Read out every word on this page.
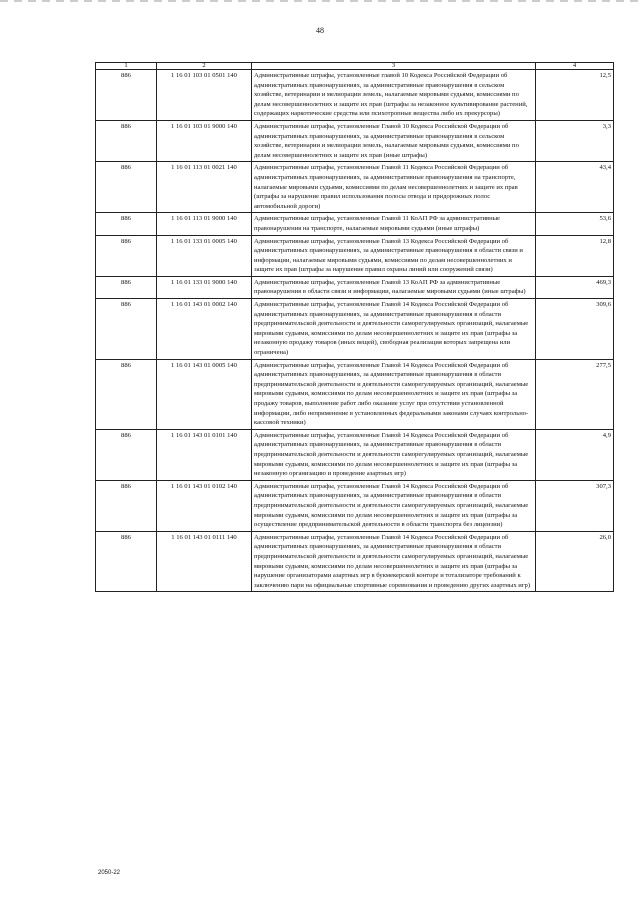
48
1	2	3	4
886	1 16 01 103 01 0501 140	Административные штрафы, установленные главой 10 Кодекса Российской Федерации об административных правонарушениях, за административные правонарушения в сельском хозяйстве, ветеринарии и мелиорации земель, налагаемые мировыми судьями, комиссиями по делам несовершеннолетних и защите их прав (штрафы за незаконное культивирование растений, содержащих наркотические средства или психотропные вещества либо их прекурсоры)	12,5
886	1 16 01 103 01 9000 140	Административные штрафы, установленные Главой 10 Кодекса Российской Федерации об административных правонарушениях, за административные правонарушения в сельском хозяйстве, ветеринарии и мелиорации земель, налагаемые мировыми судьями, комиссиями по делам несовершеннолетних и защите их прав (иные штрафы)	3,3
886	1 16 01 113 01 0021 140	Административные штрафы, установленные Главой 11 Кодекса Российской Федерации об административных правонарушениях, за административные правонарушения на транспорте, налагаемые мировыми судьями, комиссиями по делам несовершеннолетних и защите их прав (штрафы за нарушение правил использования полосы отвода и придорожных полос автомобильной дороги)	43,4
886	1 16 01 113 01 9000 140	Административные штрафы, установленные Главой 11 КоАП РФ за административные правонарушения на транспорте, налагаемые мировыми судьями (иные штрафы)	53,6
886	1 16 01 133 01 0005 140	Административные штрафы, установленные Главой 13 Кодекса Российской Федерации об административных правонарушениях, за административные правонарушения в области связи и информации, налагаемые мировыми судьями, комиссиями по делам несовершеннолетних и защите их прав (штрафы за нарушение правил охраны линий или сооружений связи)	12,8
886	1 16 01 133 01 9000 140	Административные штрафы, установленные Главой 13 КоАП РФ за административные правонарушения в области связи и информации, налагаемые мировыми судьями (иные штрафы)	469,3
886	1 16 01 143 01 0002 140	Административные штрафы, установленные Главой 14 Кодекса Российской Федерации об административных правонарушениях, за административные правонарушения в области предпринимательской деятельности и деятельности саморегулируемых организаций, налагаемые мировыми судьями, комиссиями по делам несовершеннолетних и защите их прав (штрафы за незаконную продажу товаров (иных вещей), свободная реализация которых запрещена или ограничена)	309,6
886	1 16 01 143 01 0005 140	Административные штрафы, установленные Главой 14 Кодекса Российской Федерации об административных правонарушениях, за административные правонарушения в области предпринимательской деятельности и деятельности саморегулируемых организаций, налагаемые мировыми судьями, комиссиями по делам несовершеннолетних и защите их прав (штрафы за продажу товаров, выполнение работ либо оказание услуг при отсутствии установленной информации, либо неприменение в установленных федеральными законами случаях контрольно-кассовой техники)	277,5
886	1 16 01 143 01 0101 140	Административные штрафы, установленные Главой 14 Кодекса Российской Федерации об административных правонарушениях, за административные правонарушения в области предпринимательской деятельности и деятельности саморегулируемых организаций, налагаемые мировыми судьями, комиссиями по делам несовершеннолетних и защите их прав (штрафы за незаконную организацию и проведение азартных игр)	4,9
886	1 16 01 143 01 0102 140	Административные штрафы, установленные Главой 14 Кодекса Российской Федерации об административных правонарушениях, за административные правонарушения в области предпринимательской деятельности и деятельности саморегулируемых организаций, налагаемые мировыми судьями, комиссиями по делам несовершеннолетних и защите их прав (штрафы за осуществление предпринимательской деятельности в области транспорта без лицензии)	307,3
886	1 16 01 143 01 0111 140	Административные штрафы, установленные Главой 14 Кодекса Российской Федерации об административных правонарушениях, за административные правонарушения в области предпринимательской деятельности и деятельности саморегулируемых организаций, налагаемые мировыми судьями, комиссиями по делам несовершеннолетних и защите их прав (штрафы за нарушение организаторами азартных игр в букмекерской конторе и тотализаторе требований к заключению пари на официальные спортивные соревнования и проведению других азартных игр)	26,0
2050-22
